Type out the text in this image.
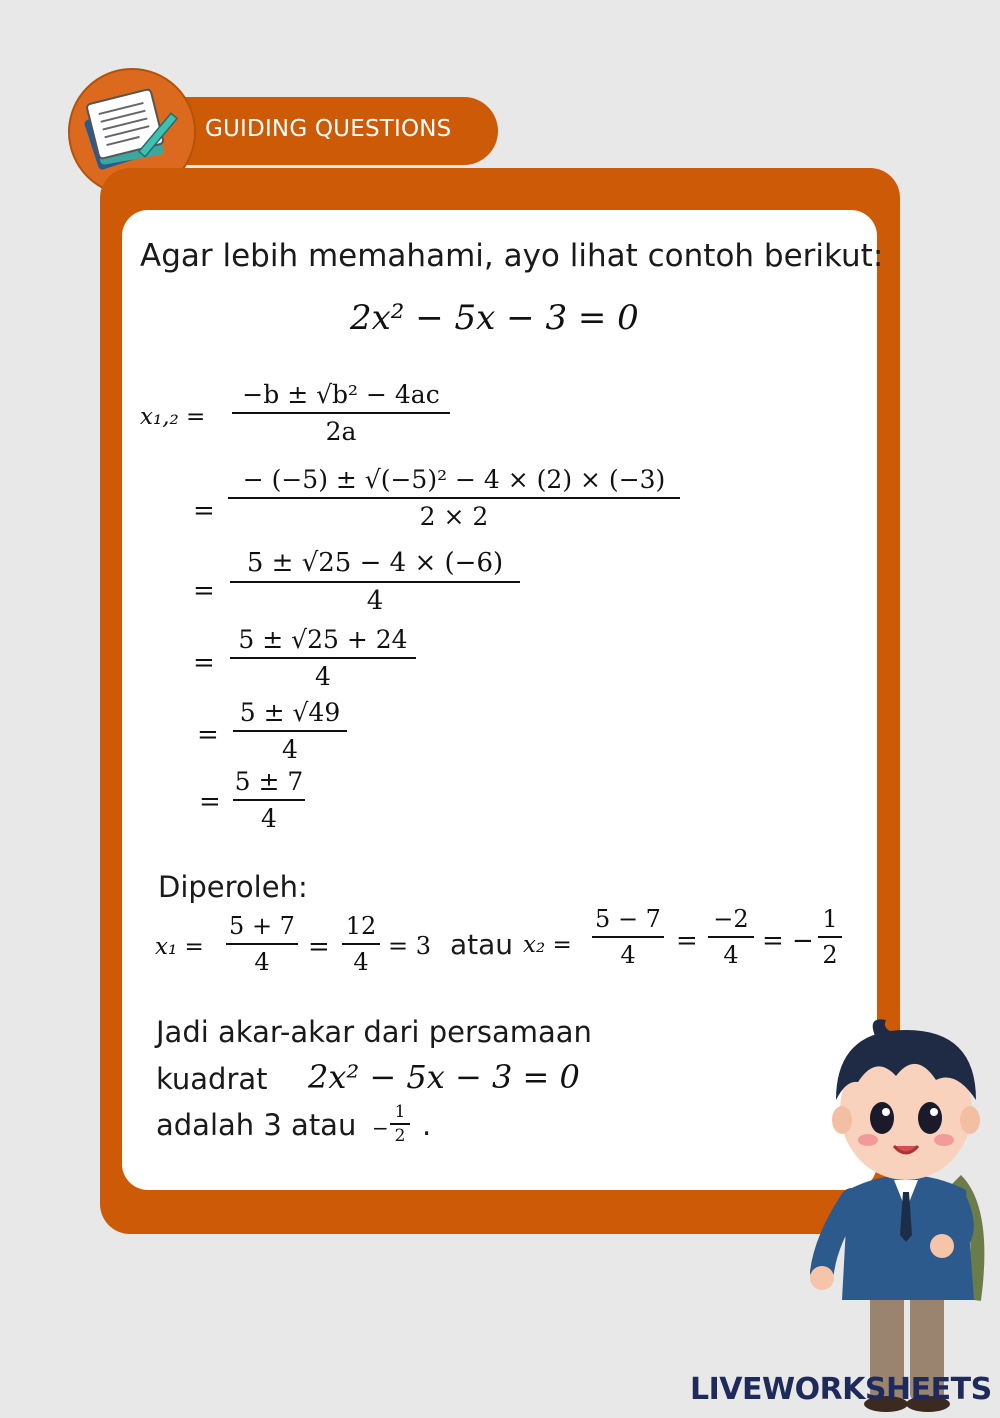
GUIDING QUESTIONS
Agar lebih memahami, ayo lihat contoh berikut:
2x² − 5x − 3 = 0
x₁,₂ =
−b ± √b² − 4ac
2a
=
− (−5) ± √(−5)² − 4 × (2) × (−3)
2 × 2
=
5 ± √25 − 4 × (−6)
4
=
5 ± √25 + 24
4
=
5 ± √49
4
=
5 ± 7
4
Diperoleh:
x₁ =
5 + 7
4	=
12
4
= 3 atau x₂ =
5 − 7
4	=
−2
4 = −
1
2
Jadi akar-akar dari persamaan
kuadrat 2x² − 5x − 3 = 0
adalah 3 atau −
1
2 .
LIVEWORKSHEETS
